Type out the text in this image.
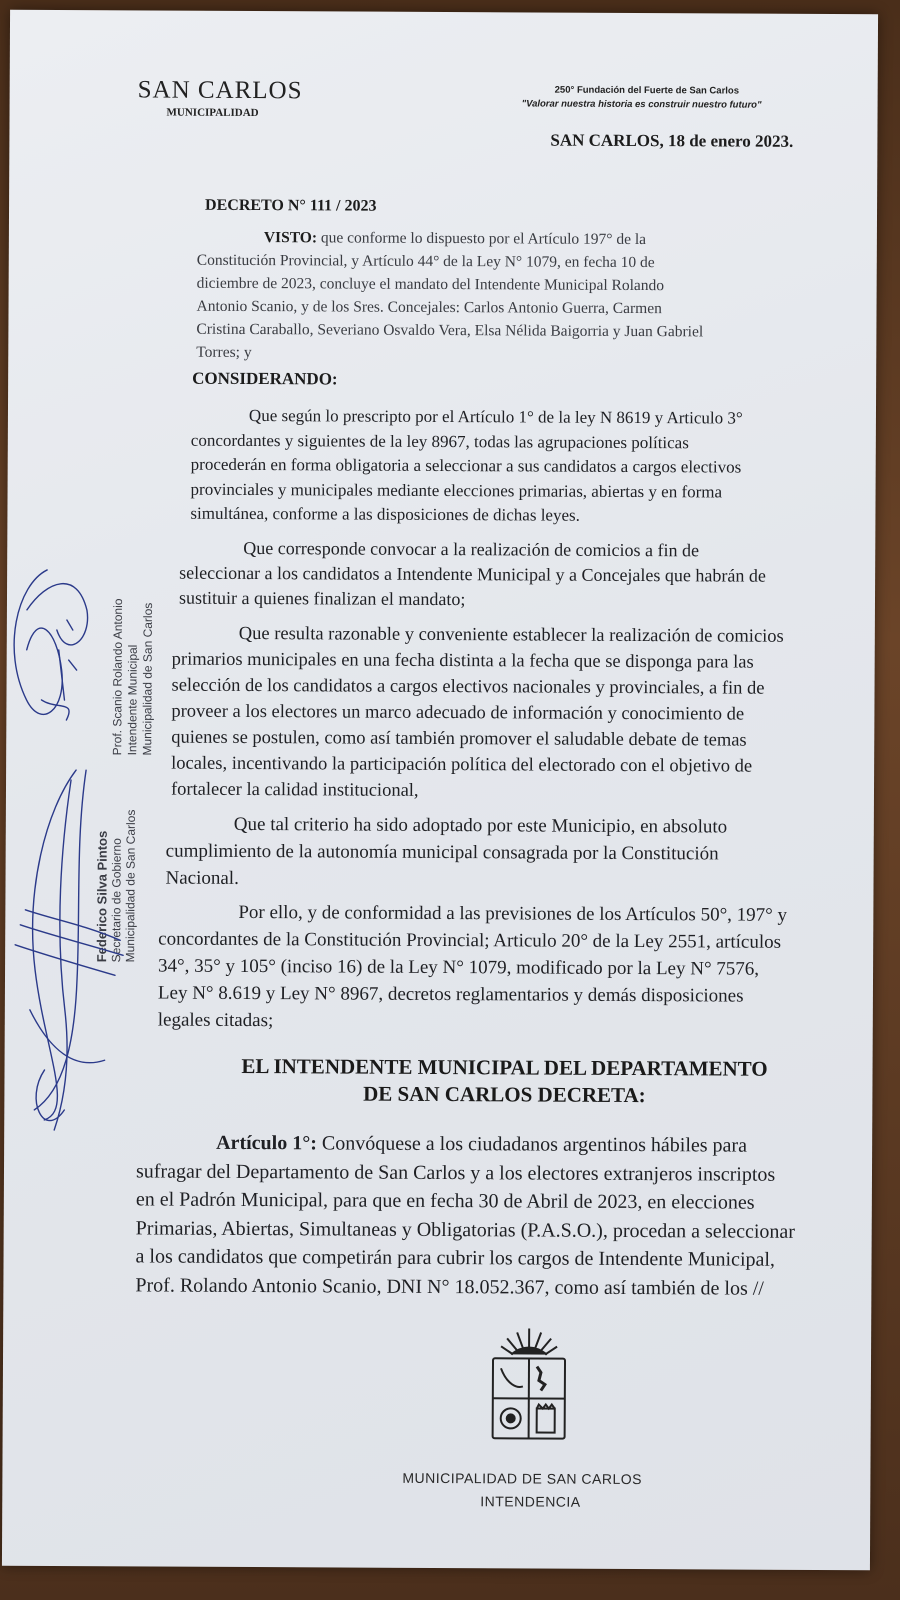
SAN CARLOS
MUNICIPALIDAD
250° Fundación del Fuerte de San Carlos
"Valorar nuestra historia es construir nuestro futuro"
SAN CARLOS, 18 de enero 2023.
DECRETO N° 111 / 2023
VISTO: que conforme lo dispuesto por el Artículo 197° de la
Constitución Provincial, y Artículo 44° de la Ley N° 1079, en fecha 10 de
diciembre de 2023, concluye el mandato del Intendente Municipal Rolando
Antonio Scanio, y de los Sres. Concejales: Carlos Antonio Guerra, Carmen
Cristina Caraballo, Severiano Osvaldo Vera, Elsa Nélida Baigorria y Juan Gabriel
Torres; y
CONSIDERANDO:
Que según lo prescripto por el Artículo 1° de la ley N 8619 y Articulo 3°
concordantes y siguientes de la ley 8967, todas las agrupaciones políticas
procederán en forma obligatoria a seleccionar a sus candidatos a cargos electivos
provinciales y municipales mediante elecciones primarias, abiertas y en forma
simultánea, conforme a las disposiciones de dichas leyes.
Que corresponde convocar a la realización de comicios a fin de
seleccionar a los candidatos a Intendente Municipal y a Concejales que habrán de
sustituir a quienes finalizan el mandato;
Que resulta razonable y conveniente establecer la realización de comicios
primarios municipales en una fecha distinta a la fecha que se disponga para las
selección de los candidatos a cargos electivos nacionales y provinciales, a fin de
proveer a los electores un marco adecuado de información y conocimiento de
quienes se postulen, como así también promover el saludable debate de temas
locales, incentivando la participación política del electorado con el objetivo de
fortalecer la calidad institucional,
Que tal criterio ha sido adoptado por este Municipio, en absoluto
cumplimiento de la autonomía municipal consagrada por la Constitución
Nacional.
Por ello, y de conformidad a las previsiones de los Artículos 50°, 197° y
concordantes de la Constitución Provincial; Articulo 20° de la Ley 2551, artículos
34°, 35° y 105° (inciso 16) de la Ley N° 1079, modificado por la Ley N° 7576,
Ley N° 8.619 y Ley N° 8967, decretos reglamentarios y demás disposiciones
legales citadas;
EL INTENDENTE MUNICIPAL DEL DEPARTAMENTO
DE SAN CARLOS DECRETA:
Artículo 1°: Convóquese a los ciudadanos argentinos hábiles para
sufragar del Departamento de San Carlos y a los electores extranjeros inscriptos
en el Padrón Municipal, para que en fecha 30 de Abril de 2023, en elecciones
Primarias, Abiertas, Simultaneas y Obligatorias (P.A.S.O.), procedan a seleccionar
a los candidatos que competirán para cubrir los cargos de Intendente Municipal,
Prof. Rolando Antonio Scanio, DNI N° 18.052.367, como así también de los //
Prof. Scanio Rolando Antonio Intendente Municipal Municipalidad de San Carlos
Federico Silva Pintos Secretario de Gobierno Municipalidad de San Carlos
MUNICIPALIDAD DE SAN CARLOS
INTENDENCIA
